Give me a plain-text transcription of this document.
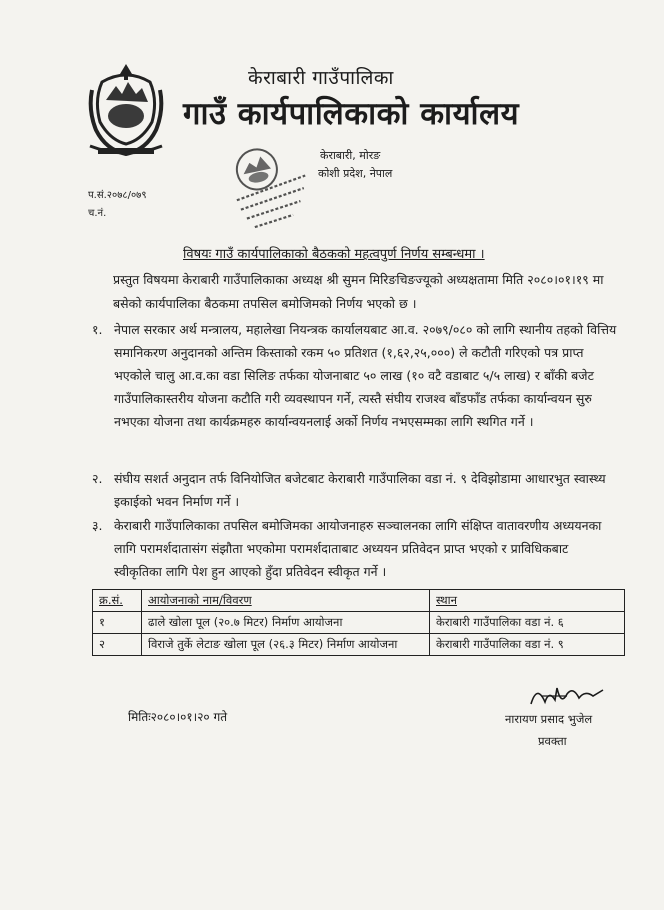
केराबारी गाउँपालिका
गाउँ कार्यपालिकाको कार्यालय
केराबारी, मोरङ
कोशी प्रदेश, नेपाल
प.सं.२०७८/०७९
च.नं.
विषयः गाउँ कार्यपालिकाको बैठकको महत्वपुर्ण निर्णय सम्बन्धमा ।

प्रस्तुत विषयमा केराबारी गाउँपालिकाका अध्यक्ष श्री सुमन मिरिङचिङज्यूको अध्यक्षतामा मिति २०८०।०१।१९ मा बसेको कार्यपालिका बैठकमा तपसिल बमोजिमको निर्णय भएको छ ।

१. नेपाल सरकार अर्थ मन्त्रालय, महालेखा नियन्त्रक कार्यालयबाट आ.व. २०७९/०८० को लागि स्थानीय तहको वित्तिय समानिकरण अनुदानको अन्तिम किस्ताको रकम ५० प्रतिशत (१,६२,२५,०००) ले कटौती गरिएको पत्र प्राप्त भएकोले चालु आ.व.का वडा सिलिङ तर्फका योजनाबाट ५० लाख (१० वटै वडाबाट ५/५ लाख) र बाँकी बजेट गाउँपालिकास्तरीय योजना कटौति गरी व्यवस्थापन गर्ने, त्यस्तै संघीय राजश्व बाँडफाँड तर्फका कार्यान्वयन सुरु नभएका योजना तथा कार्यक्रमहरु कार्यान्वयनलाई अर्को निर्णय नभएसम्मका लागि स्थगित गर्ने ।

२. संघीय सशर्त अनुदान तर्फ विनियोजित बजेटबाट केराबारी गाउँपालिका वडा नं. ९ देविझोडामा आधारभुत स्वास्थ्य इकाईको भवन निर्माण गर्ने ।

३. केराबारी गाउँपालिकाका तपसिल बमोजिमका आयोजनाहरु सञ्चालनका लागि संक्षिप्त वातावरणीय अध्ययनका लागि परामर्शदातासंग संझौता भएकोमा परामर्शदाताबाट अध्ययन प्रतिवेदन प्राप्त भएको र प्राविधिकबाट स्वीकृतिका लागि पेश हुन आएको हुँदा प्रतिवेदन स्वीकृत गर्ने ।

क्र.सं.	आयोजनाको नाम/विवरण	स्थान
१	ढाले खोला पूल (२०.७ मिटर) निर्माण आयोजना	केराबारी गाउँपालिका वडा नं. ६
२	विराजे तुर्के लेटाङ खोला पूल (२६.३ मिटर) निर्माण आयोजना	केराबारी गाउँपालिका वडा नं. ९
मितिः२०८०।०१।२० गते	नारायण प्रसाद भुजेल
प्रवक्ता
